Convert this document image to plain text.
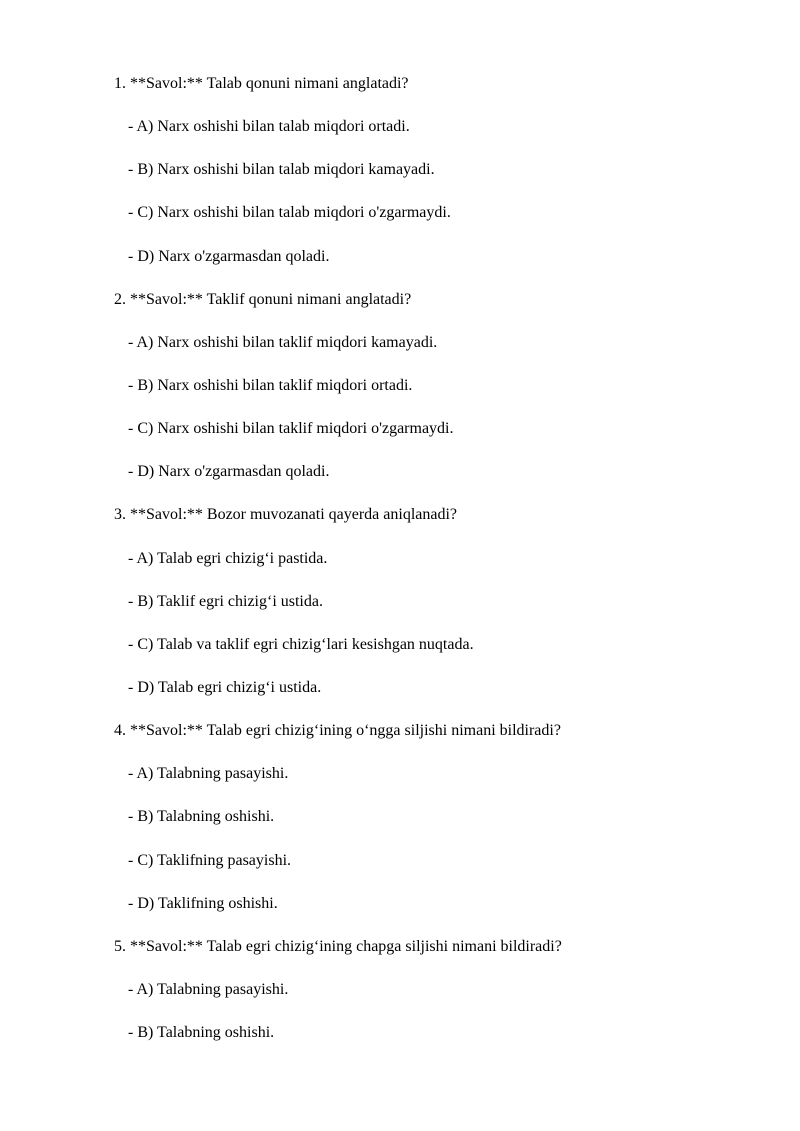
1. **Savol:** Talab qonuni nimani anglatadi?
- A) Narx oshishi bilan talab miqdori ortadi.
- B) Narx oshishi bilan talab miqdori kamayadi.
- C) Narx oshishi bilan talab miqdori o'zgarmaydi.
- D) Narx o'zgarmasdan qoladi.
2. **Savol:** Taklif qonuni nimani anglatadi?
- A) Narx oshishi bilan taklif miqdori kamayadi.
- B) Narx oshishi bilan taklif miqdori ortadi.
- C) Narx oshishi bilan taklif miqdori o'zgarmaydi.
- D) Narx o'zgarmasdan qoladi.
3. **Savol:** Bozor muvozanati qayerda aniqlanadi?
- A) Talab egri chizig‘i pastida.
- B) Taklif egri chizig‘i ustida.
- C) Talab va taklif egri chizig‘lari kesishgan nuqtada.
- D) Talab egri chizig‘i ustida.
4. **Savol:** Talab egri chizig‘ining o‘ngga siljishi nimani bildiradi?
- A) Talabning pasayishi.
- B) Talabning oshishi.
- C) Taklifning pasayishi.
- D) Taklifning oshishi.
5. **Savol:** Talab egri chizig‘ining chapga siljishi nimani bildiradi?
- A) Talabning pasayishi.
- B) Talabning oshishi.
